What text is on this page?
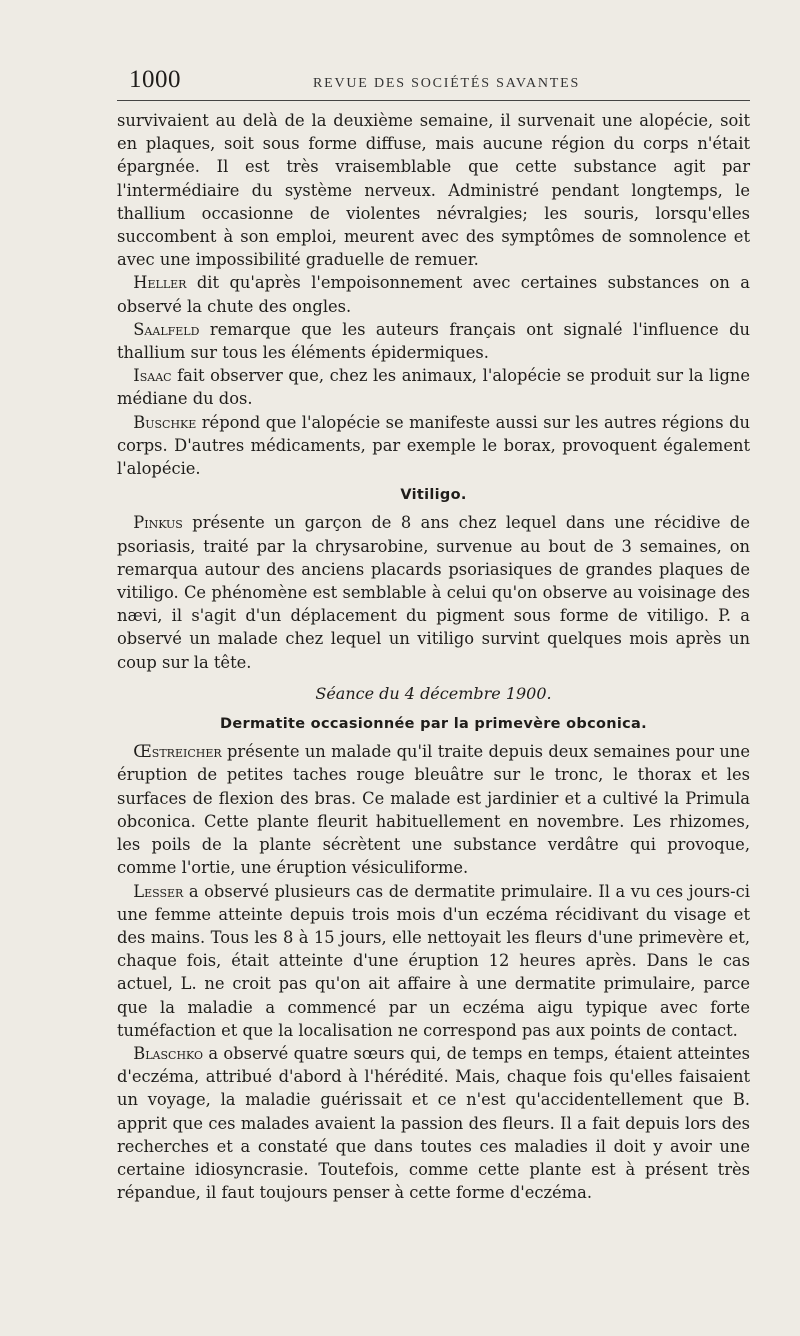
1000	REVUE DES SOCIÉTÉS SAVANTES

survivaient au delà de la deuxième semaine, il survenait une alopécie, soit en plaques, soit sous forme diffuse, mais aucune région du corps n'était épargnée. Il est très vraisemblable que cette substance agit par l'intermédiaire du système nerveux. Administré pendant longtemps, le thallium occasionne de violentes névralgies; les souris, lorsqu'elles succombent à son emploi, meurent avec des symptômes de somnolence et avec une impossibilité graduelle de remuer.

 Heller dit qu'après l'empoisonnement avec certaines substances on a observé la chute des ongles.

 Saalfeld remarque que les auteurs français ont signalé l'influence du thallium sur tous les éléments épidermiques.

 Isaac fait observer que, chez les animaux, l'alopécie se produit sur la ligne médiane du dos.

 Buschke répond que l'alopécie se manifeste aussi sur les autres régions du corps. D'autres médicaments, par exemple le borax, provoquent également l'alopécie.

Vitiligo.

 Pinkus présente un garçon de 8 ans chez lequel dans une récidive de psoriasis, traité par la chrysarobine, survenue au bout de 3 semaines, on remarqua autour des anciens placards psoriasiques de grandes plaques de vitiligo. Ce phénomène est semblable à celui qu'on observe au voisinage des nævi, il s'agit d'un déplacement du pigment sous forme de vitiligo. P. a observé un malade chez lequel un vitiligo survint quelques mois après un coup sur la tête.

Séance du 4 décembre 1900.
Dermatite occasionnée par la primevère obconica.

 Œstreicher présente un malade qu'il traite depuis deux semaines pour une éruption de petites taches rouge bleuâtre sur le tronc, le thorax et les surfaces de flexion des bras. Ce malade est jardinier et a cultivé la Primula obconica. Cette plante fleurit habituellement en novembre. Les rhizomes, les poils de la plante sécrètent une substance verdâtre qui provoque, comme l'ortie, une éruption vésiculiforme.

 Lesser a observé plusieurs cas de dermatite primulaire. Il a vu ces jours-ci une femme atteinte depuis trois mois d'un eczéma récidivant du visage et des mains. Tous les 8 à 15 jours, elle nettoyait les fleurs d'une primevère et, chaque fois, était atteinte d'une éruption 12 heures après. Dans le cas actuel, L. ne croit pas qu'on ait affaire à une dermatite primulaire, parce que la maladie a commencé par un eczéma aigu typique avec forte tuméfaction et que la localisation ne correspond pas aux points de contact.

 Blaschko a observé quatre sœurs qui, de temps en temps, étaient atteintes d'eczéma, attribué d'abord à l'hérédité. Mais, chaque fois qu'elles faisaient un voyage, la maladie guérissait et ce n'est qu'accidentellement que B. apprit que ces malades avaient la passion des fleurs. Il a fait depuis lors des recherches et a constaté que dans toutes ces maladies il doit y avoir une certaine idiosyncrasie. Toutefois, comme cette plante est à présent très répandue, il faut toujours penser à cette forme d'eczéma.
